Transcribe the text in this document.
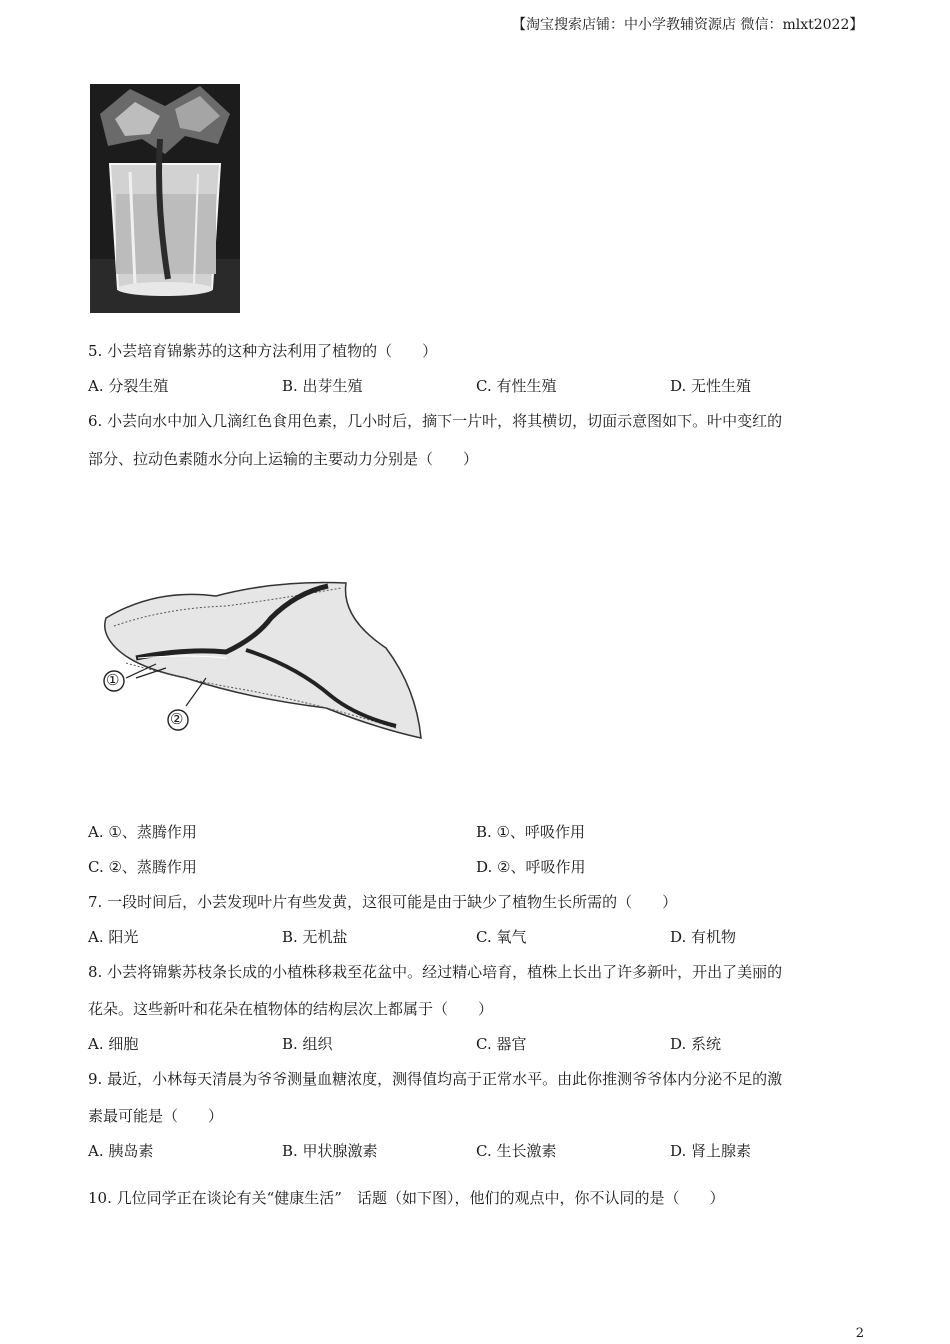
【淘宝搜索店铺：中小学教辅资源店 微信：mlxt2022】
5. 小芸培育锦紫苏的这种方法利用了植物的（　　）
A. 分裂生殖	B. 出芽生殖	C. 有性生殖	D. 无性生殖
6. 小芸向水中加入几滴红色食用色素，几小时后，摘下一片叶，将其横切，切面示意图如下。叶中变红的
部分、拉动色素随水分向上运输的主要动力分别是（　　）
①
②
A. ①、蒸腾作用	B. ①、呼吸作用
C. ②、蒸腾作用	D. ②、呼吸作用
7. 一段时间后，小芸发现叶片有些发黄，这很可能是由于缺少了植物生长所需的（　　）
A. 阳光	B. 无机盐	C. 氧气	D. 有机物
8. 小芸将锦紫苏枝条长成的小植株移栽至花盆中。经过精心培育，植株上长出了许多新叶，开出了美丽的
花朵。这些新叶和花朵在植物体的结构层次上都属于（　　）
A. 细胞	B. 组织	C. 器官	D. 系统
9. 最近，小林每天清晨为爷爷测量血糖浓度，测得值均高于正常水平。由此你推测爷爷体内分泌不足的激
素最可能是（　　）
A. 胰岛素	B. 甲状腺激素	C. 生长激素	D. 肾上腺素
10. 几位同学正在谈论有关“健康生活”　话题（如下图），他们的观点中，你不认同的是（　　）
2
